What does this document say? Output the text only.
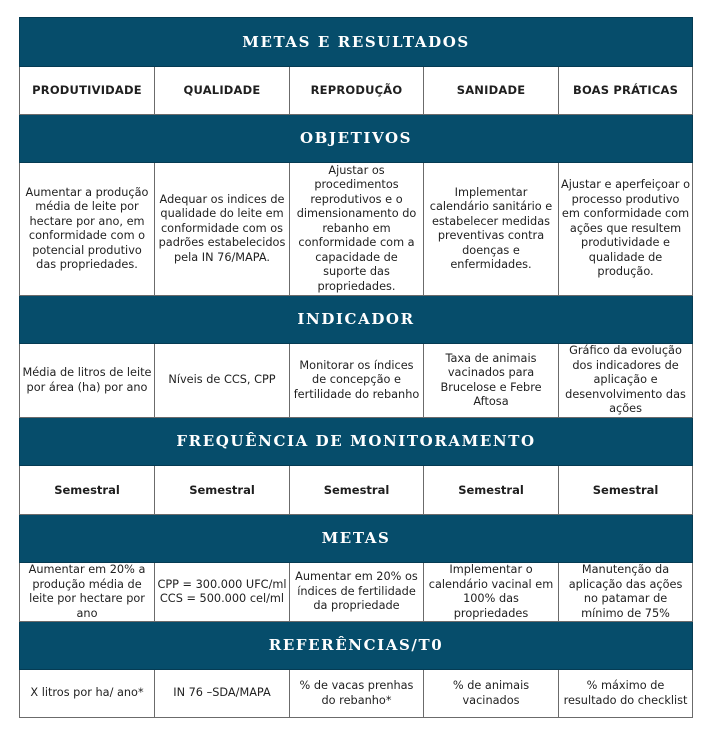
METAS E RESULTADOS				
PRODUTIVIDADE	QUALIDADE	REPRODUÇÃO	SANIDADE	BOAS PRÁTICAS
OBJETIVOS				
Aumentar a produção média de leite por hectare por ano, em conformidade com o potencial produtivo das propriedades.	Adequar os indices de qualidade do leite em conformidade com os padrões estabelecidos pela IN 76/MAPA.	Ajustar os procedimentos reprodutivos e o dimensionamento do rebanho em conformidade com a capacidade de suporte das propriedades.	Implementar calendário sanitário e estabelecer medidas preventivas contra doenças e enfermidades.	Ajustar e aperfeiçoar o processo produtivo em conformidade com ações que resultem produtividade e qualidade de produção.
INDICADOR				
Média de litros de leite por área (ha) por ano	Níveis de CCS, CPP	Monitorar os índices de concepção e fertilidade do rebanho	Taxa de animais vacinados para Brucelose e Febre Aftosa	Gráfico da evolução dos indicadores de aplicação e desenvolvimento das ações
FREQUÊNCIA DE MONITORAMENTO				
Semestral	Semestral	Semestral	Semestral	Semestral
METAS				
Aumentar em 20% a produção média de leite por hectare por ano	CPP = 300.000 UFC/ml CCS = 500.000 cel/ml	Aumentar em 20% os índices de fertilidade da propriedade	Implementar o calendário vacinal em 100% das propriedades	Manutenção da aplicação das ações no patamar de mínimo de 75%
REFERÊNCIAS/T0				
X litros por ha/ ano*	IN 76 –SDA/MAPA	% de vacas prenhas do rebanho*	% de animais vacinados	% máximo de resultado do checklist
